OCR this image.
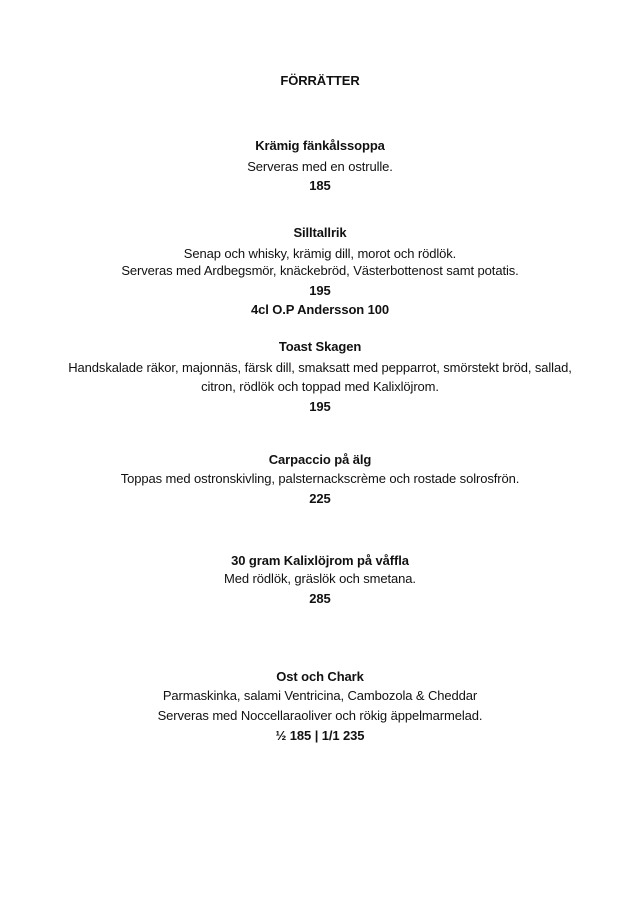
FÖRRÄTTER
Krämig fänkålssoppa
Serveras med en ostrulle.
185
Silltallrik
Senap och whisky, krämig dill, morot och rödlök.
Serveras med Ardbegsmör, knäckebröd, Västerbottenost samt potatis.
195
4cl O.P Andersson 100
Toast Skagen
Handskalade räkor, majonnäs, färsk dill, smaksatt med pepparrot, smörstekt bröd, sallad,
citron, rödlök och toppad med Kalixlöjrom.
195
Carpaccio på älg
Toppas med ostronskivling, palsternackscrème och rostade solrosfrön.
225
30 gram Kalixlöjrom på våffla
Med rödlök, gräslök och smetana.
285
Ost och Chark
Parmaskinka, salami Ventricina, Cambozola & Cheddar
Serveras med Noccellaraoliver och rökig äppelmarmelad.
½ 185 | 1/1 235
